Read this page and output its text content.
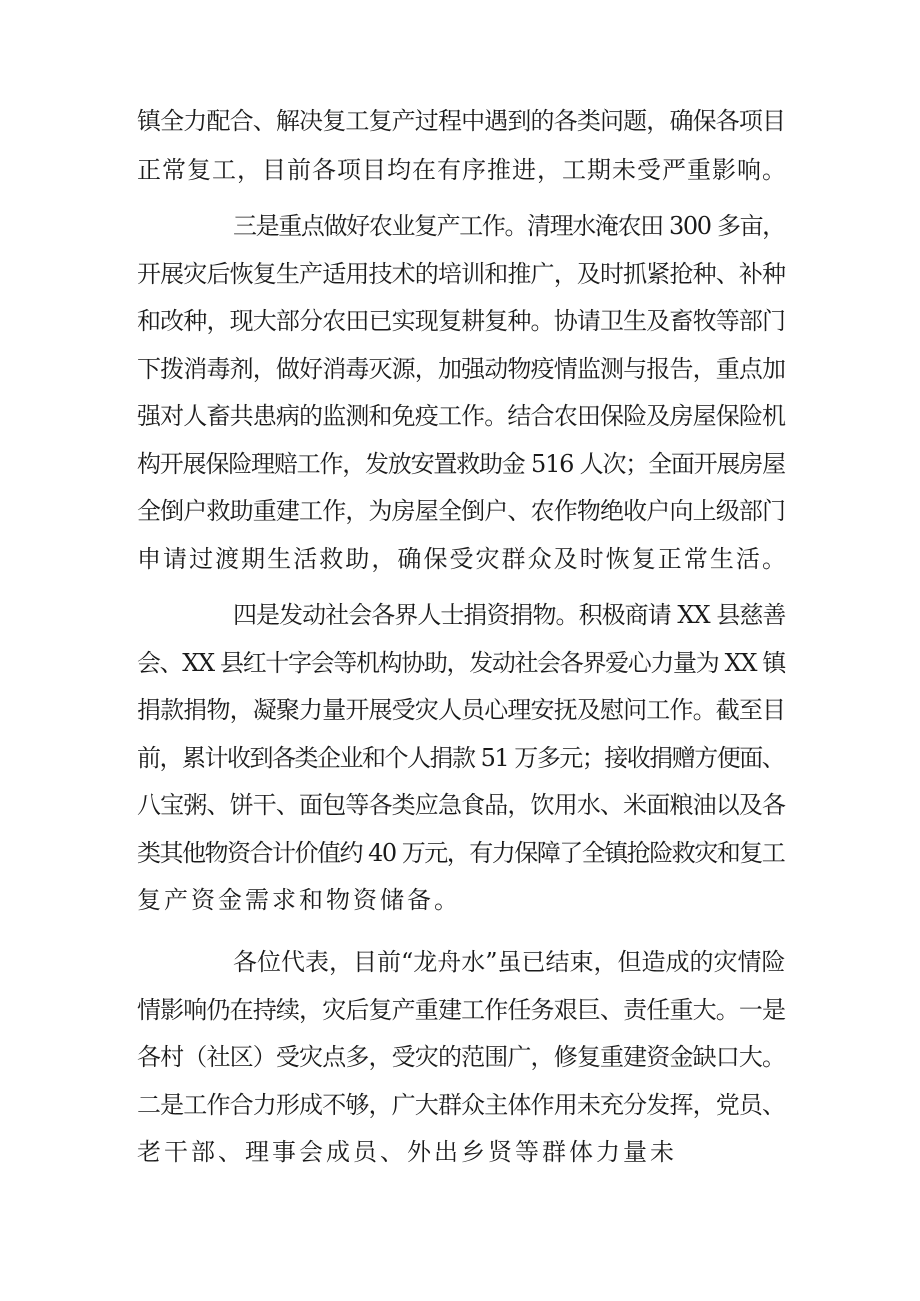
镇全力配合、解决复工复产过程中遇到的各类问题，确保各项目
正常复工，目前各项目均在有序推进，工期未受严重影响。
三是重点做好农业复产工作。清理水淹农田 300 多亩，
开展灾后恢复生产适用技术的培训和推广，及时抓紧抢种、补种
和改种，现大部分农田已实现复耕复种。协请卫生及畜牧等部门
下拨消毒剂，做好消毒灭源，加强动物疫情监测与报告，重点加
强对人畜共患病的监测和免疫工作。结合农田保险及房屋保险机
构开展保险理赔工作，发放安置救助金 516 人次；全面开展房屋
全倒户救助重建工作，为房屋全倒户、农作物绝收户向上级部门
申请过渡期生活救助，确保受灾群众及时恢复正常生活。
四是发动社会各界人士捐资捐物。积极商请 XX 县慈善
会、XX 县红十字会等机构协助，发动社会各界爱心力量为 XX 镇
捐款捐物，凝聚力量开展受灾人员心理安抚及慰问工作。截至目
前，累计收到各类企业和个人捐款 51 万多元；接收捐赠方便面、
八宝粥、饼干、面包等各类应急食品，饮用水、米面粮油以及各
类其他物资合计价值约 40 万元，有力保障了全镇抢险救灾和复工
复产资金需求和物资储备。
各位代表，目前“龙舟水”虽已结束，但造成的灾情险
情影响仍在持续，灾后复产重建工作任务艰巨、责任重大。一是
各村（社区）受灾点多，受灾的范围广，修复重建资金缺口大。
二是工作合力形成不够，广大群众主体作用未充分发挥，党员、
老干部、理事会成员、外出乡贤等群体力量未
